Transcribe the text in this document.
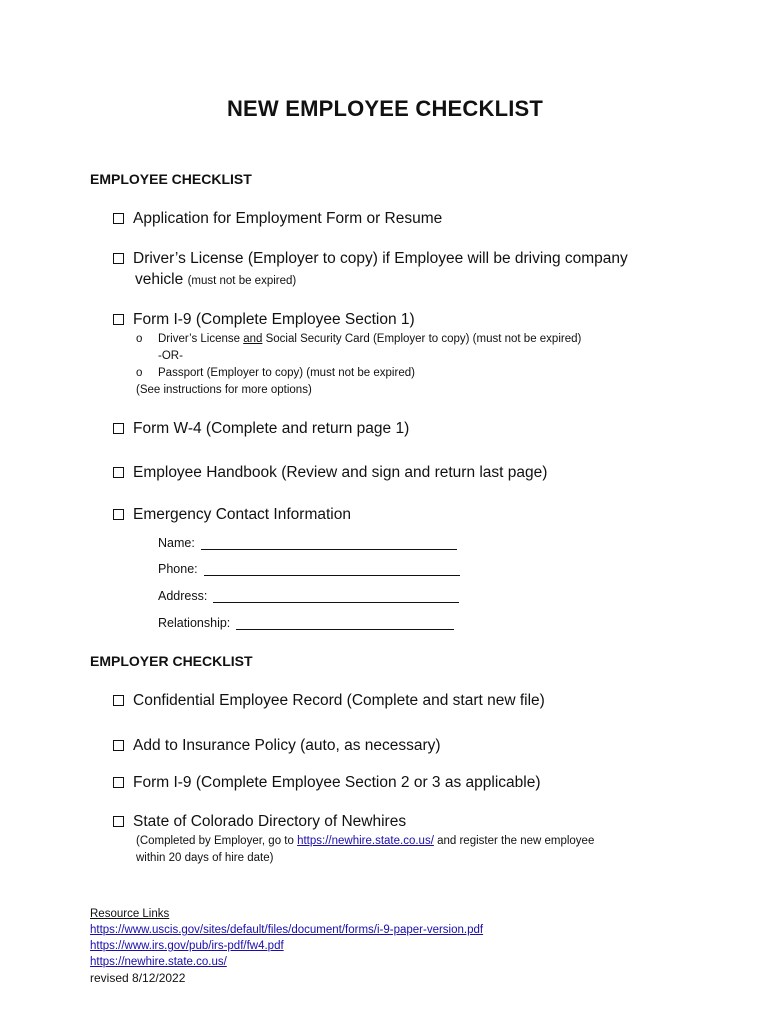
NEW EMPLOYEE CHECKLIST
EMPLOYEE CHECKLIST
Application for Employment Form or Resume
Driver’s License (Employer to copy) if Employee will be driving company
vehicle (must not be expired)
Form I-9 (Complete Employee Section 1)
o Driver’s License and Social Security Card (Employer to copy) (must not be expired)
-OR-
o Passport (Employer to copy) (must not be expired)
(See instructions for more options)
Form W-4 (Complete and return page 1)
Employee Handbook (Review and sign and return last page)
Emergency Contact Information
Name:
Phone:
Address:
Relationship:
EMPLOYER CHECKLIST
Confidential Employee Record (Complete and start new file)
Add to Insurance Policy (auto, as necessary)
Form I-9 (Complete Employee Section 2 or 3 as applicable)
State of Colorado Directory of Newhires
(Completed by Employer, go to https://newhire.state.co.us/ and register the new employee
within 20 days of hire date)
Resource Links
https://www.uscis.gov/sites/default/files/document/forms/i-9-paper-version.pdf
https://www.irs.gov/pub/irs-pdf/fw4.pdf
https://newhire.state.co.us/
revised 8/12/2022
